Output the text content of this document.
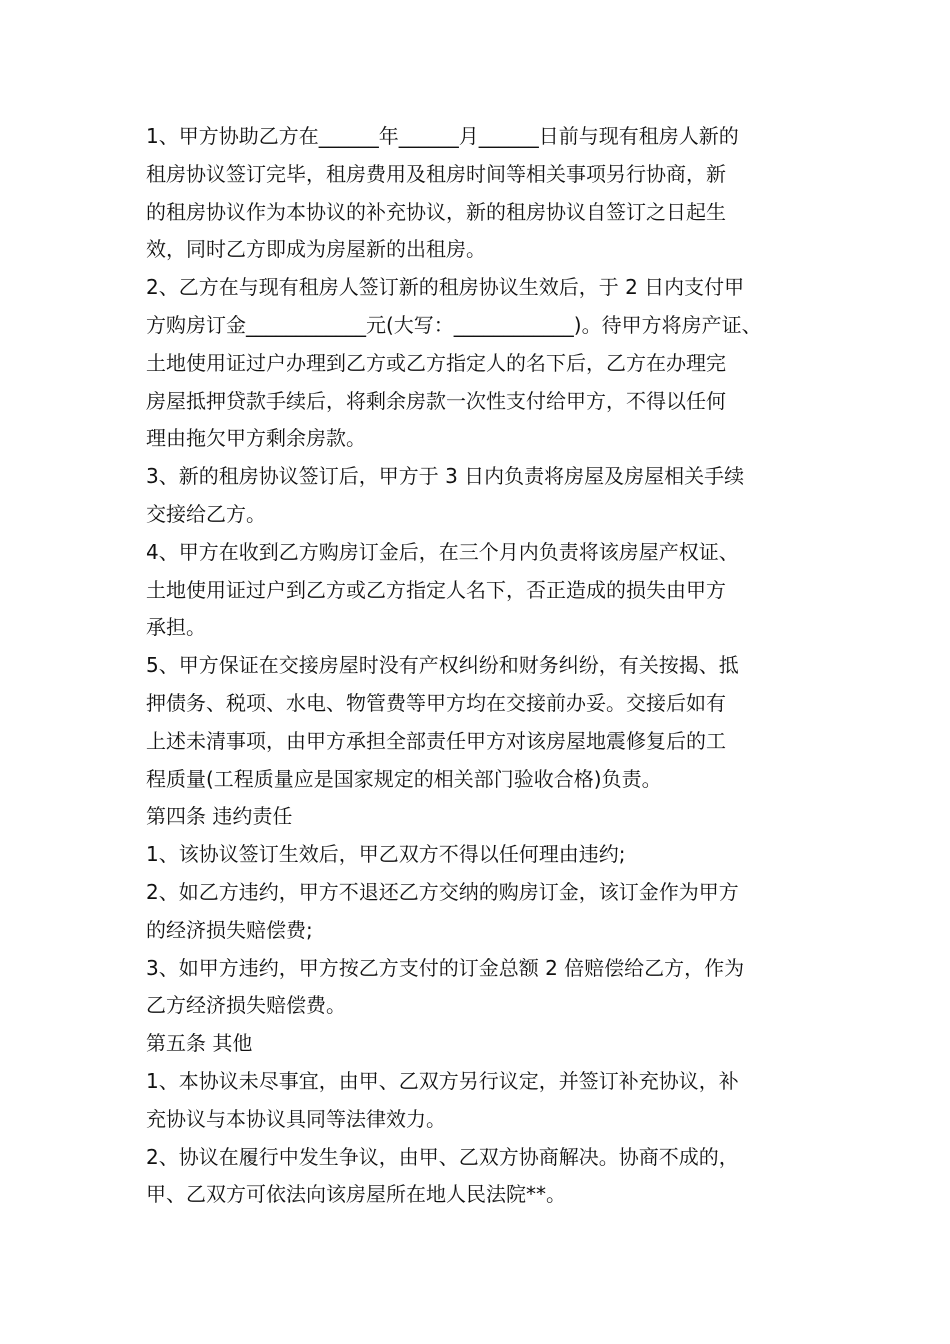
1、甲方协助乙方在______年______月______日前与现有租房人新的
租房协议签订完毕，租房费用及租房时间等相关事项另行协商，新
的租房协议作为本协议的补充协议，新的租房协议自签订之日起生
效，同时乙方即成为房屋新的出租房。
2、乙方在与现有租房人签订新的租房协议生效后，于 2 日内支付甲
方购房订金____________元(大写：____________)。待甲方将房产证、
土地使用证过户办理到乙方或乙方指定人的名下后，乙方在办理完
房屋抵押贷款手续后，将剩余房款一次性支付给甲方，不得以任何
理由拖欠甲方剩余房款。
3、新的租房协议签订后，甲方于 3 日内负责将房屋及房屋相关手续
交接给乙方。
4、甲方在收到乙方购房订金后，在三个月内负责将该房屋产权证、
土地使用证过户到乙方或乙方指定人名下，否正造成的损失由甲方
承担。
5、甲方保证在交接房屋时没有产权纠纷和财务纠纷，有关按揭、抵
押债务、税项、水电、物管费等甲方均在交接前办妥。交接后如有
上述未清事项，由甲方承担全部责任甲方对该房屋地震修复后的工
程质量(工程质量应是国家规定的相关部门验收合格)负责。
第四条 违约责任
1、该协议签订生效后，甲乙双方不得以任何理由违约;
2、如乙方违约，甲方不退还乙方交纳的购房订金，该订金作为甲方
的经济损失赔偿费;
3、如甲方违约，甲方按乙方支付的订金总额 2 倍赔偿给乙方，作为
乙方经济损失赔偿费。
第五条 其他
1、本协议未尽事宜，由甲、乙双方另行议定，并签订补充协议，补
充协议与本协议具同等法律效力。
2、协议在履行中发生争议，由甲、乙双方协商解决。协商不成的，
甲、乙双方可依法向该房屋所在地人民法院**。
